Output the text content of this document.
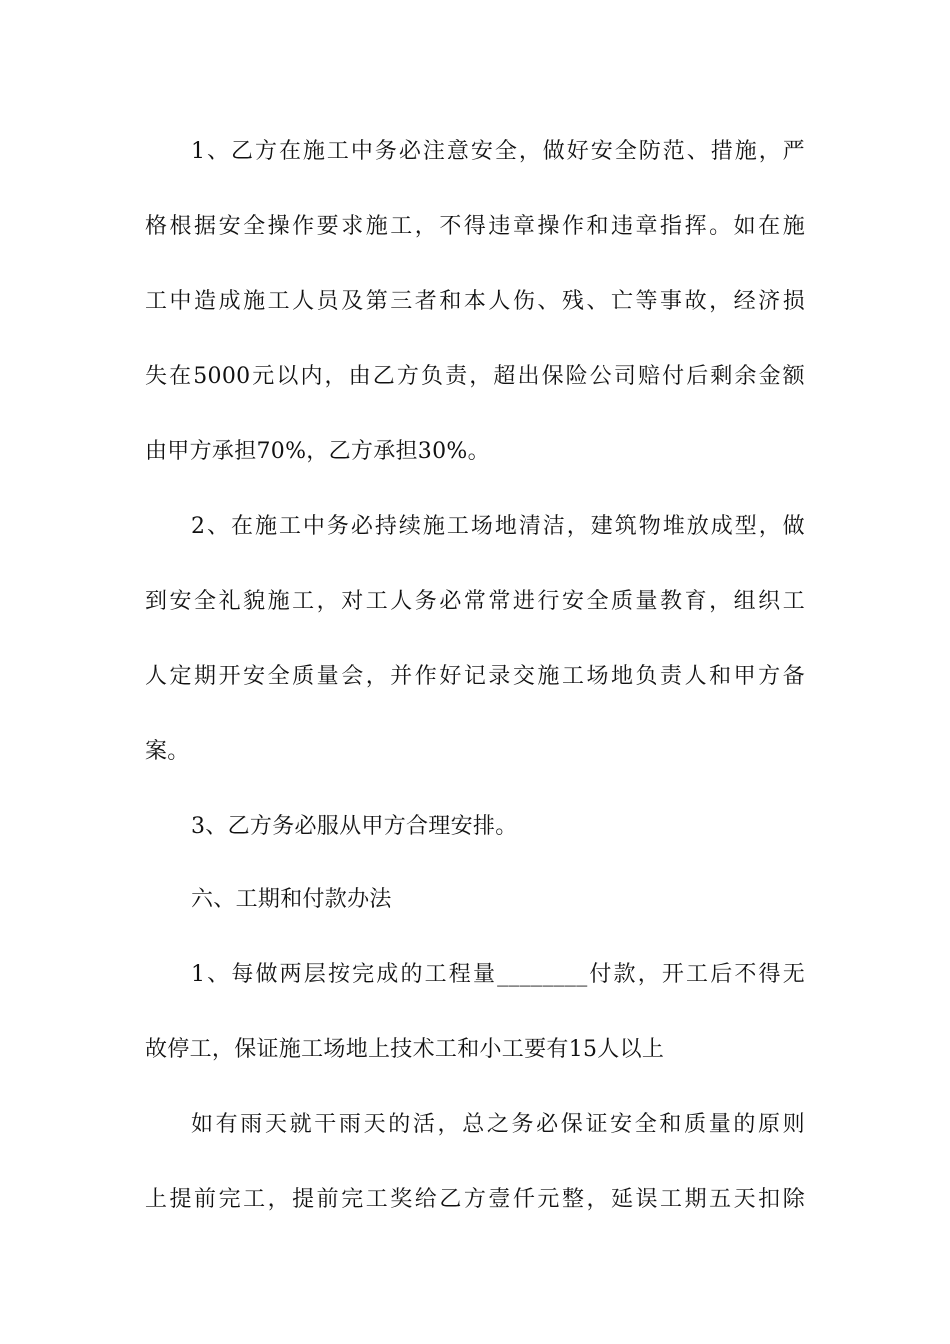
1、乙方在施工中务必注意安全，做好安全防范、措施，严
格根据安全操作要求施工，不得违章操作和违章指挥。如在施
工中造成施工人员及第三者和本人伤、残、亡等事故，经济损
失在5000元以内，由乙方负责，超出保险公司赔付后剩余金额
由甲方承担70%，乙方承担30%。
2、在施工中务必持续施工场地清洁，建筑物堆放成型，做
到安全礼貌施工，对工人务必常常进行安全质量教育，组织工
人定期开安全质量会，并作好记录交施工场地负责人和甲方备
案。
3、乙方务必服从甲方合理安排。
六、工期和付款办法
1、每做两层按完成的工程量________付款，开工后不得无
故停工，保证施工场地上技术工和小工要有15人以上
如有雨天就干雨天的活，总之务必保证安全和质量的原则
上提前完工，提前完工奖给乙方壹仟元整，延误工期五天扣除
